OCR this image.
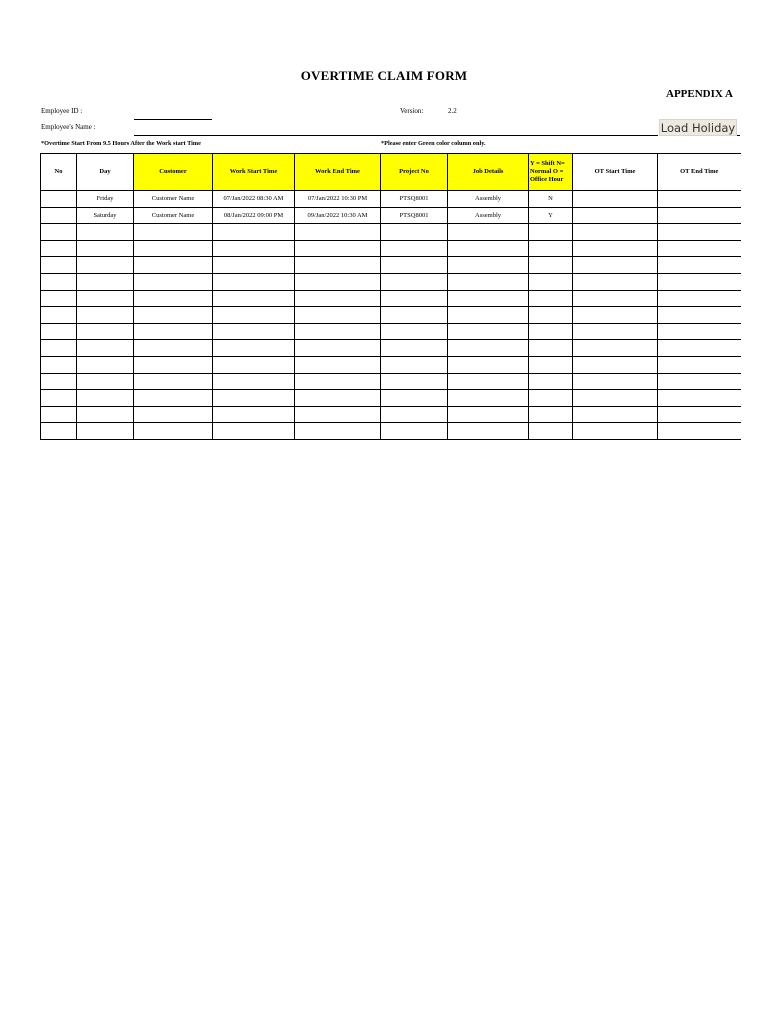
OVERTIME CLAIM FORM
APPENDIX A
Employee ID :	Version:	2.2
Employee's Name :	Load Holiday
*Overtime Start From 9.5 Hours After the Work start Time	*Please enter Green color column only.
No	Day	Customer	Work Start Time	Work End Time	Project No	Job Details	Y = Shift N= Normal O = Office Hour	OT Start Time	OT End Time
	Friday	Customer Name	07/Jan/2022 08:30 AM	07/Jan/2022 10:30 PM	PTSQ8001	Assembly	N		
	Saturday	Customer Name	08/Jan/2022 09:00 PM	09/Jan/2022 10:30 AM	PTSQ8001	Assembly	Y		
